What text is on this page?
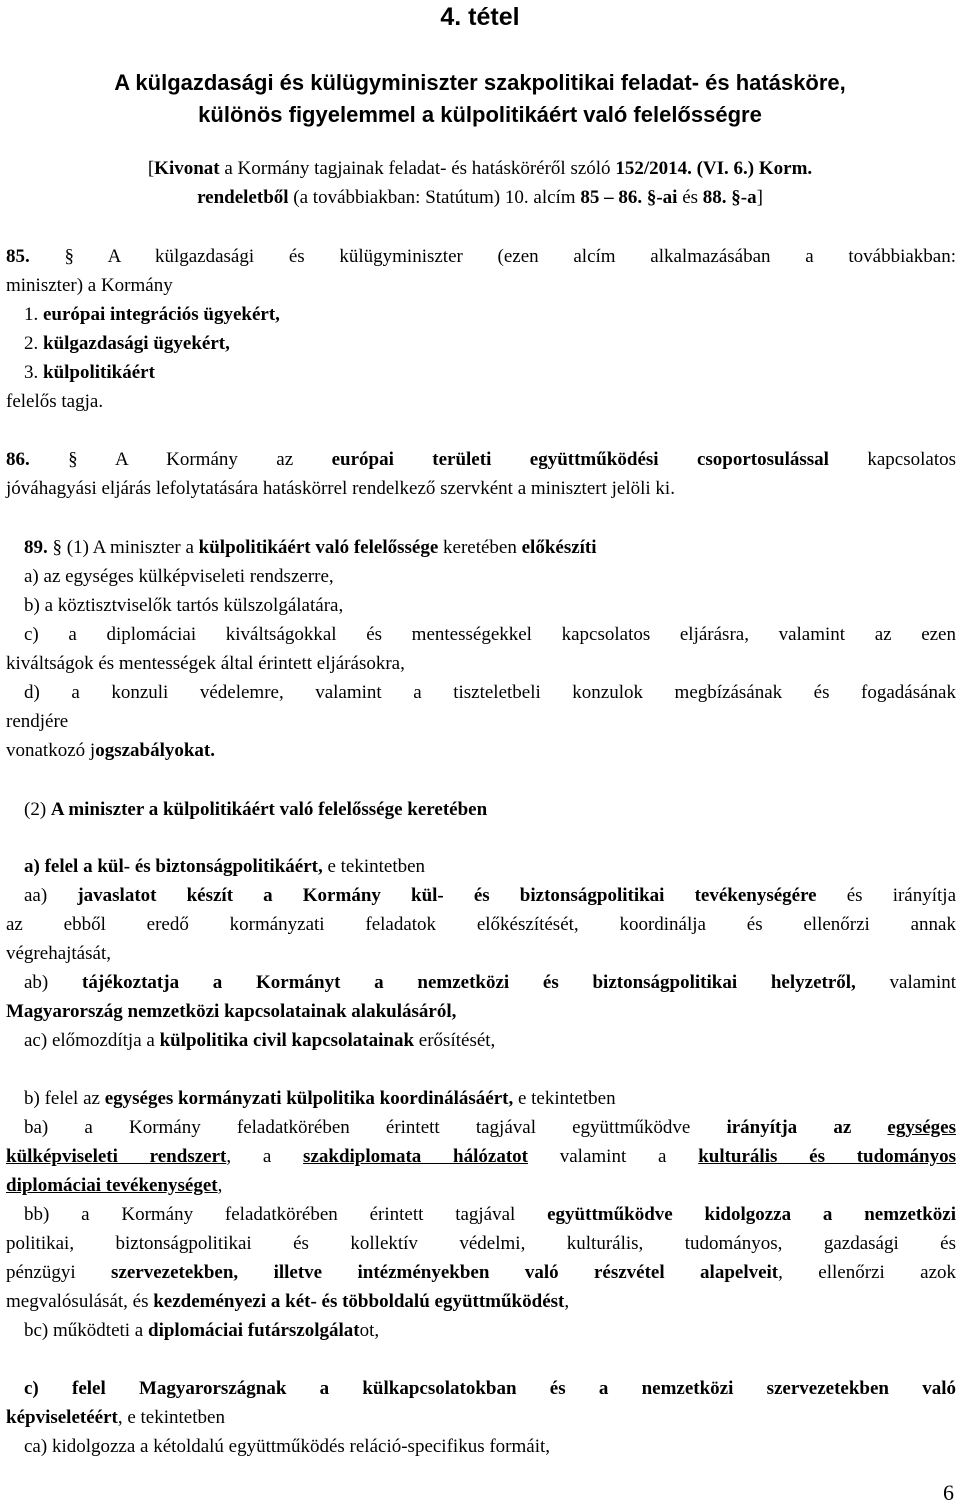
4. tétel
A külgazdasági és külügyminiszter szakpolitikai feladat- és hatásköre,
különös figyelemmel a külpolitikáért való felelősségre
[Kivonat a Kormány tagjainak feladat- és hatásköréről szóló 152/2014. (VI. 6.) Korm.
rendeletből (a továbbiakban: Statútum) 10. alcím 85 – 86. §-ai és 88. §-a]
85. § A külgazdasági és külügyminiszter (ezen alcím alkalmazásában a továbbiakban:
miniszter) a Kormány
1. európai integrációs ügyekért,
2. külgazdasági ügyekért,
3. külpolitikáért
felelős tagja.
86. § A Kormány az európai területi együttműködési csoportosulással kapcsolatos
jóváhagyási eljárás lefolytatására hatáskörrel rendelkező szervként a minisztert jelöli ki.
89. § (1) A miniszter a külpolitikáért való felelőssége keretében előkészíti
a) az egységes külképviseleti rendszerre,
b) a köztisztviselők tartós külszolgálatára,
c) a diplomáciai kiváltságokkal és mentességekkel kapcsolatos eljárásra, valamint az ezen
kiváltságok és mentességek által érintett eljárásokra,
d) a konzuli védelemre, valamint a tiszteletbeli konzulok megbízásának és fogadásának
rendjére
vonatkozó jogszabályokat.
(2) A miniszter a külpolitikáért való felelőssége keretében
a) felel a kül- és biztonságpolitikáért, e tekintetben
aa) javaslatot készít a Kormány kül- és biztonságpolitikai tevékenységére és irányítja
az ebből eredő kormányzati feladatok előkészítését, koordinálja és ellenőrzi annak
végrehajtását,
ab) tájékoztatja a Kormányt a nemzetközi és biztonságpolitikai helyzetről, valamint
Magyarország nemzetközi kapcsolatainak alakulásáról,
ac) előmozdítja a külpolitika civil kapcsolatainak erősítését,
b) felel az egységes kormányzati külpolitika koordinálásáért, e tekintetben
ba) a Kormány feladatkörében érintett tagjával együttműködve irányítja az egységes
külképviseleti rendszert, a szakdiplomata hálózatot valamint a kulturális és tudományos
diplomáciai tevékenységet,
bb) a Kormány feladatkörében érintett tagjával együttműködve kidolgozza a nemzetközi
politikai, biztonságpolitikai és kollektív védelmi, kulturális, tudományos, gazdasági és
pénzügyi szervezetekben, illetve intézményekben való részvétel alapelveit, ellenőrzi azok
megvalósulását, és kezdeményezi a két- és többoldalú együttműködést,
bc) működteti a diplomáciai futárszolgálatot,
c) felel Magyarországnak a külkapcsolatokban és a nemzetközi szervezetekben való
képviseletéért, e tekintetben
ca) kidolgozza a kétoldalú együttműködés reláció-specifikus formáit,
6
